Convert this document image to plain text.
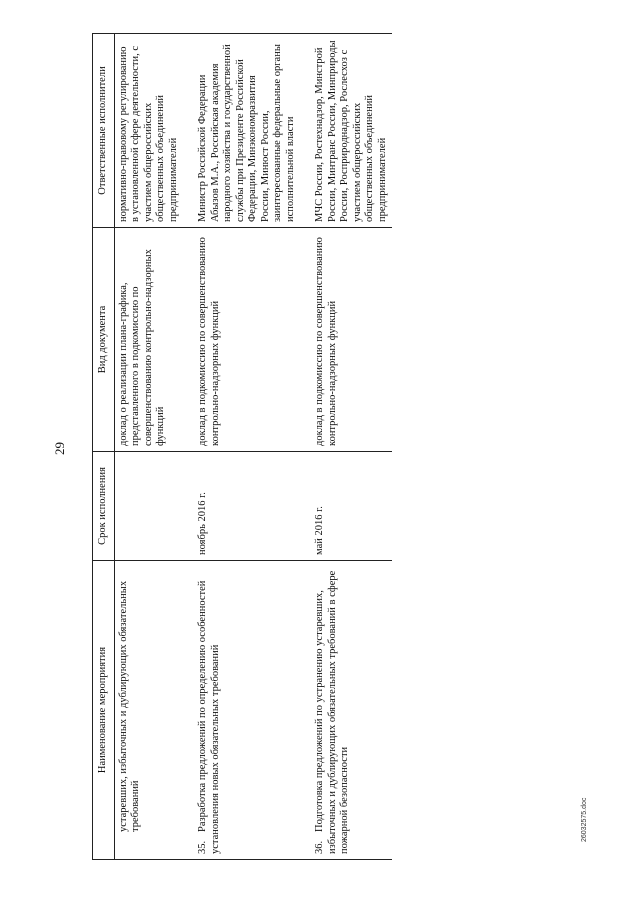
29
Наименование мероприятия	Срок исполнения	Вид документа	Ответственные исполнители
устаревших, избыточных и дублирующих обязательных требований		доклад о реализации плана-графика, представленного в подкомиссию по совершенствованию контрольно-надзорных функций	нормативно-правовому регулированию в установленной сфере деятельности, с участием общероссийских общественных объединений предпринимателей
35.Разработка предложений по определению особенностей установления новых обязательных требований	ноябрь 2016 г.	доклад в подкомиссию по совершенствованию контрольно-надзорных функций	Министр Российской Федерации Абызов М.А., Российская академия народного хозяйства и государственной службы при Президенте Российской Федерации, Минэкономразвития России, Минюст России, заинтересованные федеральные органы исполнительной власти
36.Подготовка предложений по устранению устаревших, избыточных и дублирующих обязательных требований в сфере пожарной безопасности	май 2016 г.	доклад в подкомиссию по совершенствованию контрольно-надзорных функций	МЧС России, Ростехнадзор, Минстрой России, Минтранс России, Минприроды России, Росприроднадзор, Рослесхоз с участием общероссийских общественных объединений предпринимателей
26032575.doc
